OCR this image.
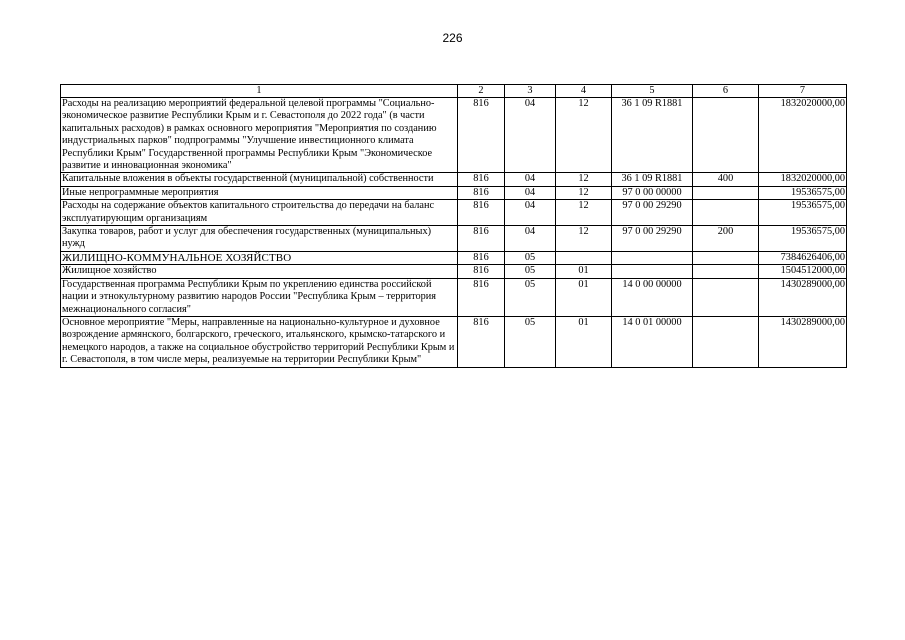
226
1	2	3	4	5	6	7
Расходы на реализацию мероприятий федеральной целевой программы "Социально-экономическое развитие Республики Крым и г. Севастополя до 2022 года" (в части капитальных расходов) в рамках основного мероприятия "Мероприятия по созданию индустриальных парков" подпрограммы "Улучшение инвестиционного климата Республики Крым" Государственной программы Республики Крым "Экономическое развитие и инновационная экономика"	816	04	12	36 1 09 R1881		1832020000,00
Капитальные вложения в объекты государственной (муниципальной) собственности	816	04	12	36 1 09 R1881	400	1832020000,00
Иные непрограммные мероприятия	816	04	12	97 0 00 00000		19536575,00
Расходы на содержание объектов капитального строительства до передачи на баланс эксплуатирующим организациям	816	04	12	97 0 00 29290		19536575,00
Закупка товаров, работ и услуг для обеспечения государственных (муниципальных) нужд	816	04	12	97 0 00 29290	200	19536575,00
ЖИЛИЩНО-КОММУНАЛЬНОЕ ХОЗЯЙСТВО	816	05				7384626406,00
Жилищное хозяйство	816	05	01			1504512000,00
Государственная программа Республики Крым по укреплению единства российской нации и этнокультурному развитию народов России "Республика Крым – территория межнационального согласия"	816	05	01	14 0 00 00000		1430289000,00
Основное мероприятие "Меры, направленные на национально-культурное и духовное возрождение армянского, болгарского, греческого, итальянского, крымско-татарского и немецкого народов, а также на социальное обустройство территорий Республики Крым и г. Севастополя, в том числе меры, реализуемые на территории Республики Крым"	816	05	01	14 0 01 00000		1430289000,00
